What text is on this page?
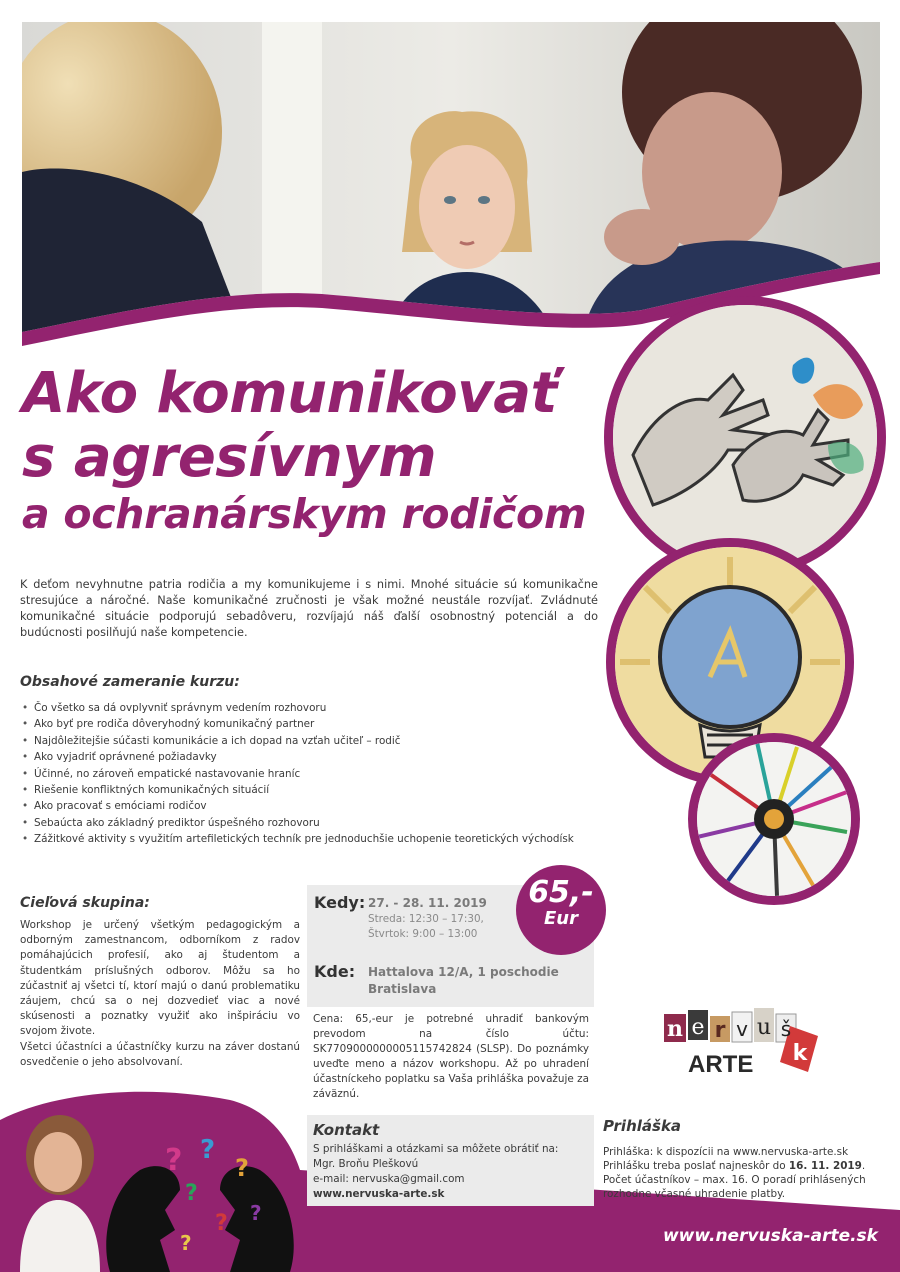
Ako komunikovať
s agresívnym
a ochranárskym rodičom

K deťom nevyhnutne patria rodičia a my komunikujeme i s nimi. Mnohé situácie sú komunikačne stresujúce a náročné. Naše komunikačné zručnosti je však možné neustále rozvíjať. Zvládnuté komunikačné situácie podporujú sebadôveru, rozvíjajú náš ďalší osobnostný potenciál a do budúcnosti posilňujú naše kompetencie.

Obsahové zameranie kurzu:
• Čo všetko sa dá ovplyvniť správnym vedením rozhovoru
• Ako byť pre rodiča dôveryhodný komunikačný partner
• Najdôležitejšie súčasti komunikácie a ich dopad na vzťah učiteľ – rodič
• Ako vyjadriť oprávnené požiadavky
• Účinné, no zároveň empatické nastavovanie hraníc
• Riešenie konfliktných komunikačných situácií
• Ako pracovať s emóciami rodičov
• Sebaúcta ako základný prediktor úspešného rozhovoru
• Zážitkové aktivity s využitím artefiletických techník pre jednoduchšie uchopenie teoretických východísk
Cieľová skupina:

Workshop je určený všetkým pedagogickým a odborným zamestnancom, odborníkom z radov pomáhajúcich profesií, ako aj študentom a študentkám príslušných odborov. Môžu sa ho zúčastniť aj všetci tí, ktorí majú o danú problematiku záujem, chcú sa o nej dozvedieť viac a nové skúsenosti a poznatky využiť ako inšpiráciu vo svojom živote.

Všetci účastníci a účastníčky kurzu na záver dostanú osvedčenie o jeho absolvovaní.

Kedy: 27. - 28. 11. 2019
Streda: 12:30 – 17:30,
Štvrtok: 9:00 – 13:00
Kde: Hattalova 12/A, 1 poschodie
Bratislava
65,-
Eur

Cena: 65,-eur je potrebné uhradiť bankovým prevodom na číslo účtu: SK7709000000005115742824 (SLSP). Do poznámky uveďte meno a názov workshopu. Až po uhradení účastníckeho poplatku sa Vaša prihláška považuje za záväznú.

n e r v u š
k
ARTE
? ?
?
?
?
?
?
Kontakt
S prihláškami a otázkami sa môžete obrátiť na:
Mgr. Broňu Pleškovú
e-mail: nervuska@gmail.com
www.nervuska-arte.sk
Prihláška
Prihláška: k dispozícii na www.nervuska-arte.sk
Prihlášku treba poslať najneskôr do 16. 11. 2019.
Počet účastníkov – max. 16. O poradí prihlásených rozhodne včasné uhradenie platby.
www.nervuska-arte.sk
